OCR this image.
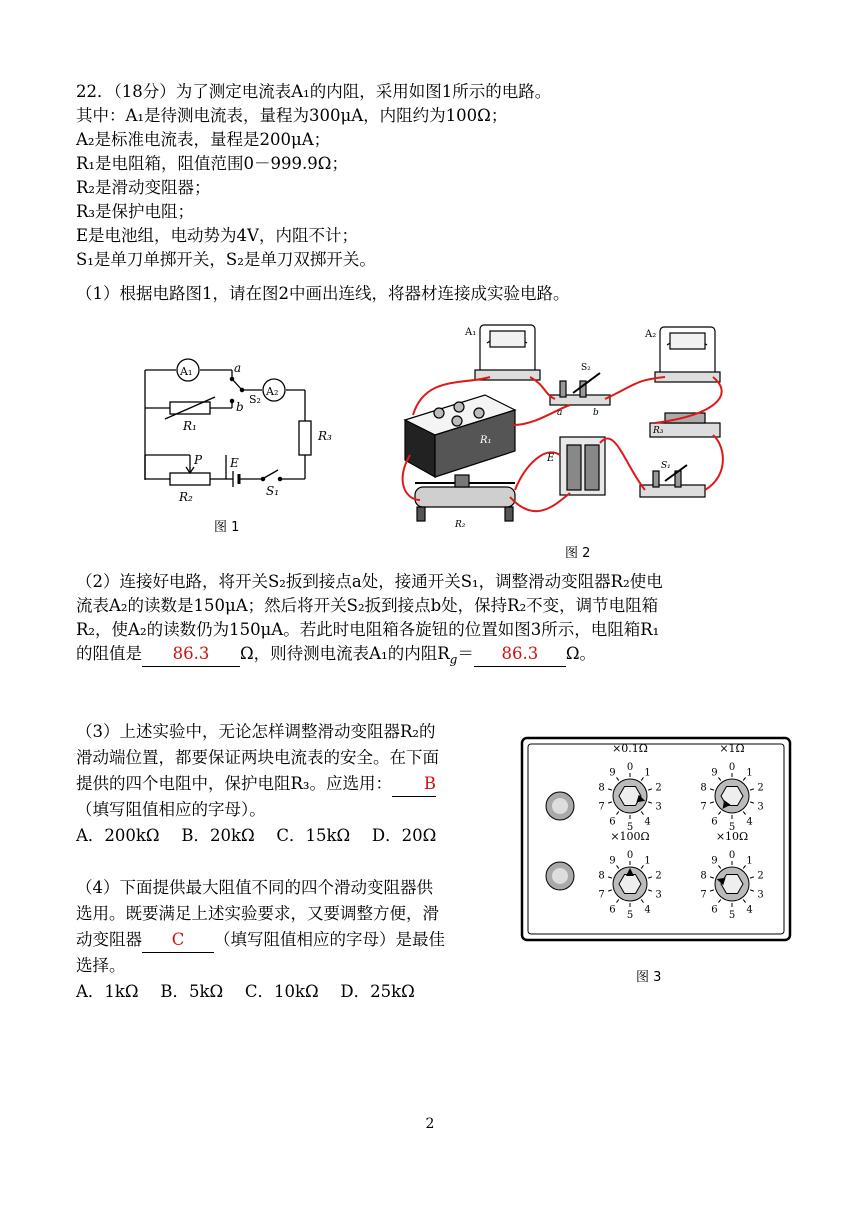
22．（18分）为了测定电流表A₁的内阻，采用如图1所示的电路。
其中：A₁是待测电流表，量程为300μA，内阻约为100Ω；
A₂是标准电流表，量程是200μA；
R₁是电阻箱，阻值范围0－999.9Ω；
R₂是滑动变阻器；
R₃是保护电阻；
E是电池组，电动势为4V，内阻不计；
S₁是单刀单掷开关，S₂是单刀双掷开关。
（1）根据电路图1，请在图2中画出连线，将器材连接成实验电路。
A₁
A₂
a
b
S₂
R₁
R₃
P E
R₂	S₁
图 1
A₁	A₂
S₂
a	b
R₁
R₃
E
S₁
R₂
图 2
（2）连接好电路，将开关S₂扳到接点a处，接通开关S₁，调整滑动变阻器R₂使电
流表A₂的读数是150μA；然后将开关S₂扳到接点b处，保持R₂不变，调节电阻箱
R₂，使A₂的读数仍为150μA。若此时电阻箱各旋钮的位置如图3所示，电阻箱R₁
的阻值是 86.3 Ω，则待测电流表A₁的内阻$R_g= 86.3$ Ω。
（3）上述实验中，无论怎样调整滑动变阻器R₂的
滑动端位置，都要保证两块电流表的安全。在下面
提供的四个电阻中，保护电阻R₃。应选用： B
（填写阻值相应的字母）。
A．200kΩ　 B．20kΩ　 C．15kΩ　 D．20Ω
（4）下面提供最大阻值不同的四个滑动变阻器供
选用。既要满足上述实验要求，又要调整方便，滑
动变阻器 C （填写阻值相应的字母）是最佳
选择。
A．1kΩ　 B．5kΩ　 C．10kΩ　 D．25kΩ
×0.1Ω
0
1
2
3
4
5
6
7
8
9
×1Ω
0
1
2
3
4
5
6
7
8
9
×100Ω
0
1
2
3
4
5
6
7
8
9
×10Ω
0
1
2
3
4
5
6
7
8
9
图 3
2
